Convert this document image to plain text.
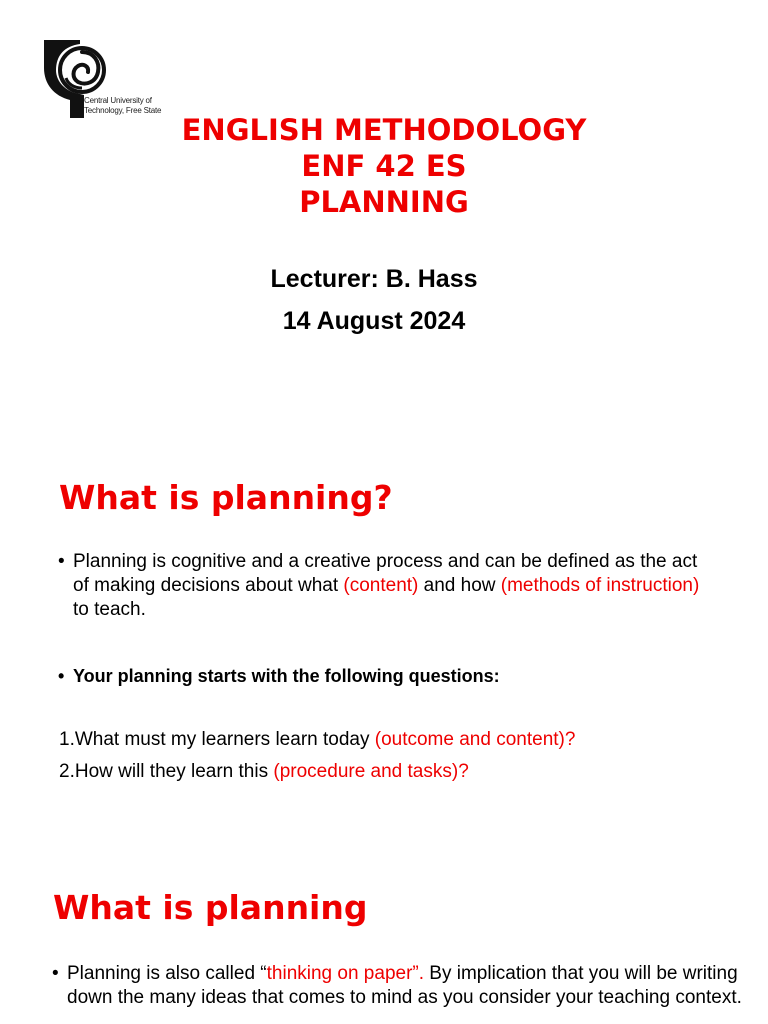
Central University of
Technology, Free State
ENGLISH METHODOLOGY
ENF 42 ES
PLANNING
Lecturer: B. Hass
14 August 2024
What is planning?
• Planning is cognitive and a creative process and can be defined as the act of making decisions about what (content) and how (methods of instruction) to teach.
• Your planning starts with the following questions:
1.What must my learners learn today (outcome and content)?
2.How will they learn this (procedure and tasks)?
What is planning
• Planning is also called “thinking on paper”. By implication that you will be writing down the many ideas that comes to mind as you consider your teaching context.
